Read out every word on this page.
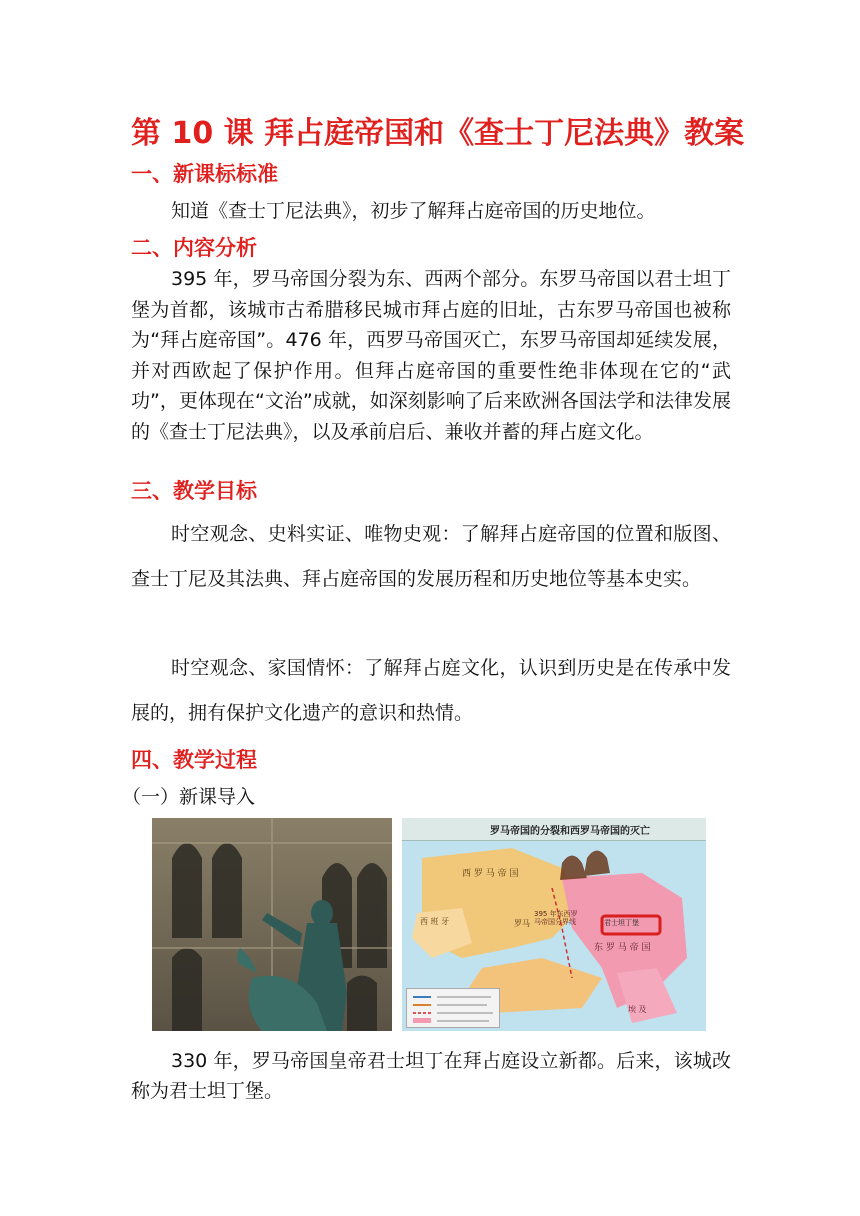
第 10 课 拜占庭帝国和《查士丁尼法典》教案
一、新课标标准
知道《查士丁尼法典》，初步了解拜占庭帝国的历史地位。
二、内容分析
395 年，罗马帝国分裂为东、西两个部分。东罗马帝国以君士坦丁堡为首都，该城市古希腊移民城市拜占庭的旧址，古东罗马帝国也被称为“拜占庭帝国”。476 年，西罗马帝国灭亡，东罗马帝国却延续发展，并对西欧起了保护作用。但拜占庭帝国的重要性绝非体现在它的“武功”，更体现在“文治”成就，如深刻影响了后来欧洲各国法学和法律发展的《查士丁尼法典》，以及承前启后、兼收并蓄的拜占庭文化。
三、教学目标
时空观念、史料实证、唯物史观：了解拜占庭帝国的位置和版图、查士丁尼及其法典、拜占庭帝国的发展历程和历史地位等基本史实。
时空观念、家国情怀：了解拜占庭文化，认识到历史是在传承中发展的，拥有保护文化遗产的意识和热情。
四、教学过程
（一）新课导入
罗马帝国的分裂和西罗马帝国的灭亡
西 罗 马 帝 国
西 班 牙	罗马
395 年东西罗马帝国分界线	君士坦丁堡
东 罗 马 帝 国
埃 及
330 年，罗马帝国皇帝君士坦丁在拜占庭设立新都。后来，该城改称为君士坦丁堡。
